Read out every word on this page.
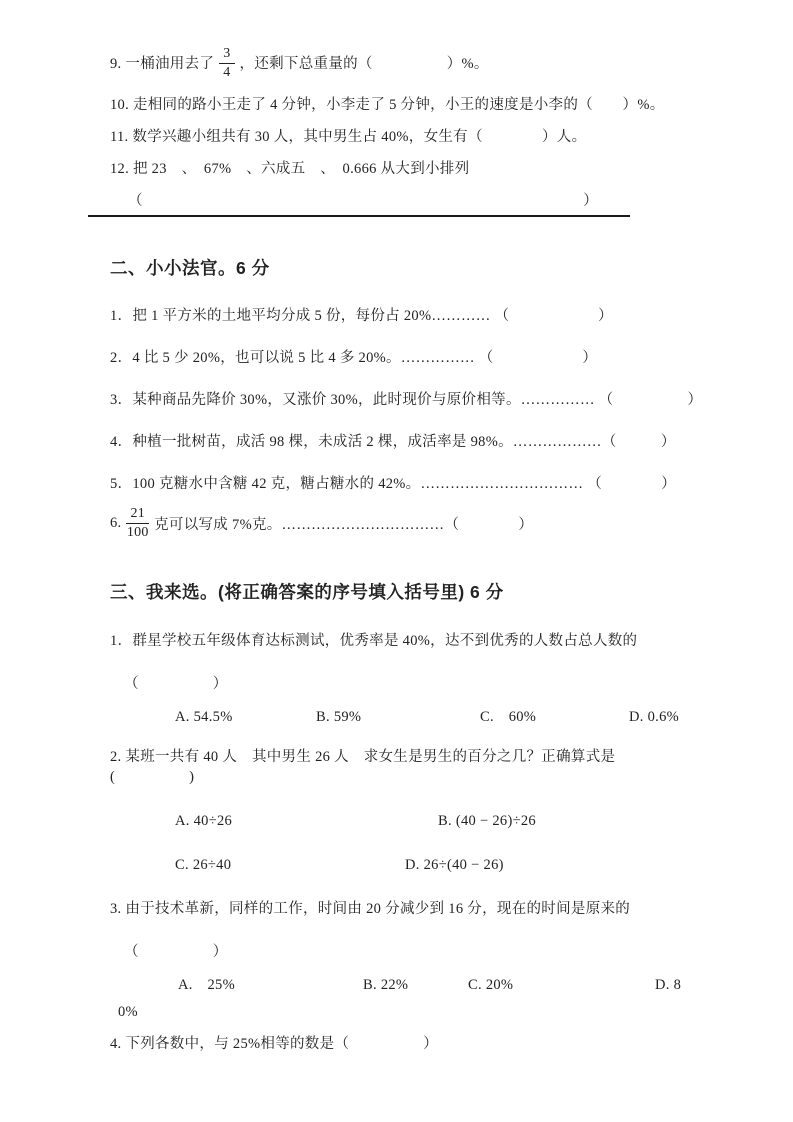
9. 一桶油用去了 $\frac{3}{4}$ ，还剩下总重量的（　　　　　）%。
10. 走相同的路小王走了 4 分钟，小李走了 5 分钟，小王的速度是小李的（　　）%。
11. 数学兴趣小组共有 30 人，其中男生占 40%，女生有（　　　　）人。
12. 把 23　、　67%　、六成五　、　0.666 从大到小排列
（	）
二、小小法官。6 分
1．把 1 平方米的土地平均分成 5 份，每份占 20%………… （　　　　　　）
2．4 比 5 少 20%，也可以说 5 比 4 多 20%。…………… （　　　　　　）
3．某种商品先降价 30%，又涨价 30%，此时现价与原价相等。…………… （　　　　　）
4．种植一批树苗，成活 98 棵，未成活 2 棵，成活率是 98%。………………（　　　）
5．100 克糖水中含糖 42 克，糖占糖水的 42%。…………………………… （　　　　）
6. $\frac{21}{100}$ 克可以写成 7%克。……………………………（　　　　）
三、我来选。(将正确答案的序号填入括号里) 6 分
1．群星学校五年级体育达标测试，优秀率是 40%，达不到优秀的人数占总人数的
（　　　　　）
A. 54.5%	B. 59%	C.　60%	D. 0.6%
2. 某班一共有 40 人　其中男生 26 人　求女生是男生的百分之几？正确算式是(　　　　　)
A. 40÷26	B. (40 − 26)÷26
C. 26÷40	D. 26÷(40 − 26)
3. 由于技术革新，同样的工作，时间由 20 分减少到 16 分，现在的时间是原来的
（　　　　　）
A.　25%	B. 22%	C. 20%	D. 8
0%
4. 下列各数中，与 25%相等的数是（　　　　　）
